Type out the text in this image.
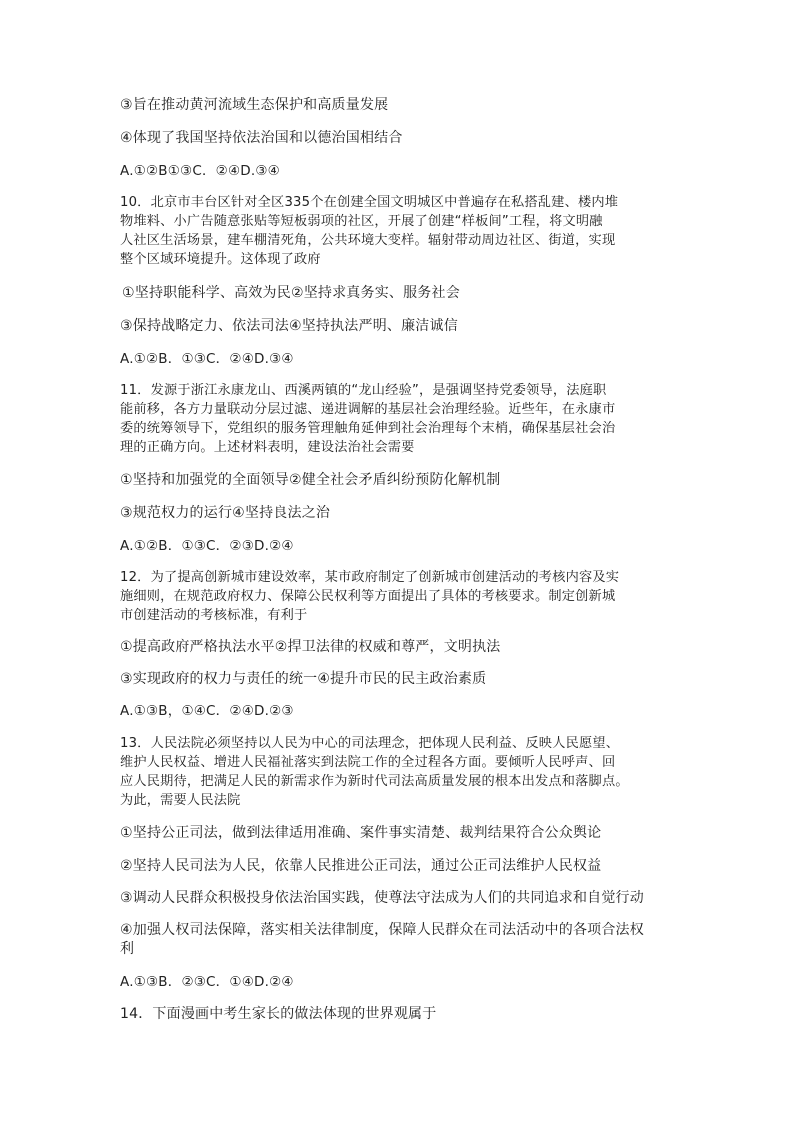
③旨在推动黄河流域生态保护和高质量发展
④体现了我国坚持依法治国和以德治国相结合
A.①②B①③C．②④D.③④
10．北京市丰台区针对全区335个在创建全国文明城区中普遍存在私搭乱建、楼内堆
物堆料、小广告随意张贴等短板弱项的社区，开展了创建“样板间”工程，将文明融
人社区生活场景，建车棚清死角，公共环境大变样。辐射带动周边社区、街道，实现
整个区域环境提升。这体现了政府
①坚持职能科学、高效为民②坚持求真务实、服务社会
③保持战略定力、依法司法④坚持执法严明、廉洁诚信
A.①②B．①③C．②④D.③④
11．发源于浙江永康龙山、西溪两镇的“龙山经验”，是强调坚持党委领导，法庭职
能前移，各方力量联动分层过滤、递进调解的基层社会治理经验。近些年，在永康市
委的统筹领导下，党组织的服务管理触角延伸到社会治理每个末梢，确保基层社会治
理的正确方向。上述材料表明，建设法治社会需要
①坚持和加强党的全面领导②健全社会矛盾纠纷预防化解机制
③规范权力的运行④坚持良法之治
A.①②B．①③C．②③D.②④
12．为了提高创新城市建设效率，某市政府制定了创新城市创建活动的考核内容及实
施细则，在规范政府权力、保障公民权利等方面提出了具体的考核要求。制定创新城
市创建活动的考核标准，有利于
①提高政府严格执法水平②捍卫法律的权威和尊严，文明执法
③实现政府的权力与责任的统一④提升市民的民主政治素质
A.①③B，①④C．②④D.②③
13．人民法院必须坚持以人民为中心的司法理念，把体现人民利益、反映人民愿望、
维护人民权益、增进人民福祉落实到法院工作的全过程各方面。要倾听人民呼声、回
应人民期待，把满足人民的新需求作为新时代司法高质量发展的根本出发点和落脚点。
为此，需要人民法院
①坚持公正司法，做到法律适用准确、案件事实清楚、裁判结果符合公众舆论
②坚持人民司法为人民，依靠人民推进公正司法，通过公正司法维护人民权益
③调动人民群众积极投身依法治国实践，使尊法守法成为人们的共同追求和自觉行动
④加强人权司法保障，落实相关法律制度，保障人民群众在司法活动中的各项合法权
利
A.①③B．②③C．①④D.②④
14．下面漫画中考生家长的做法体现的世界观属于
